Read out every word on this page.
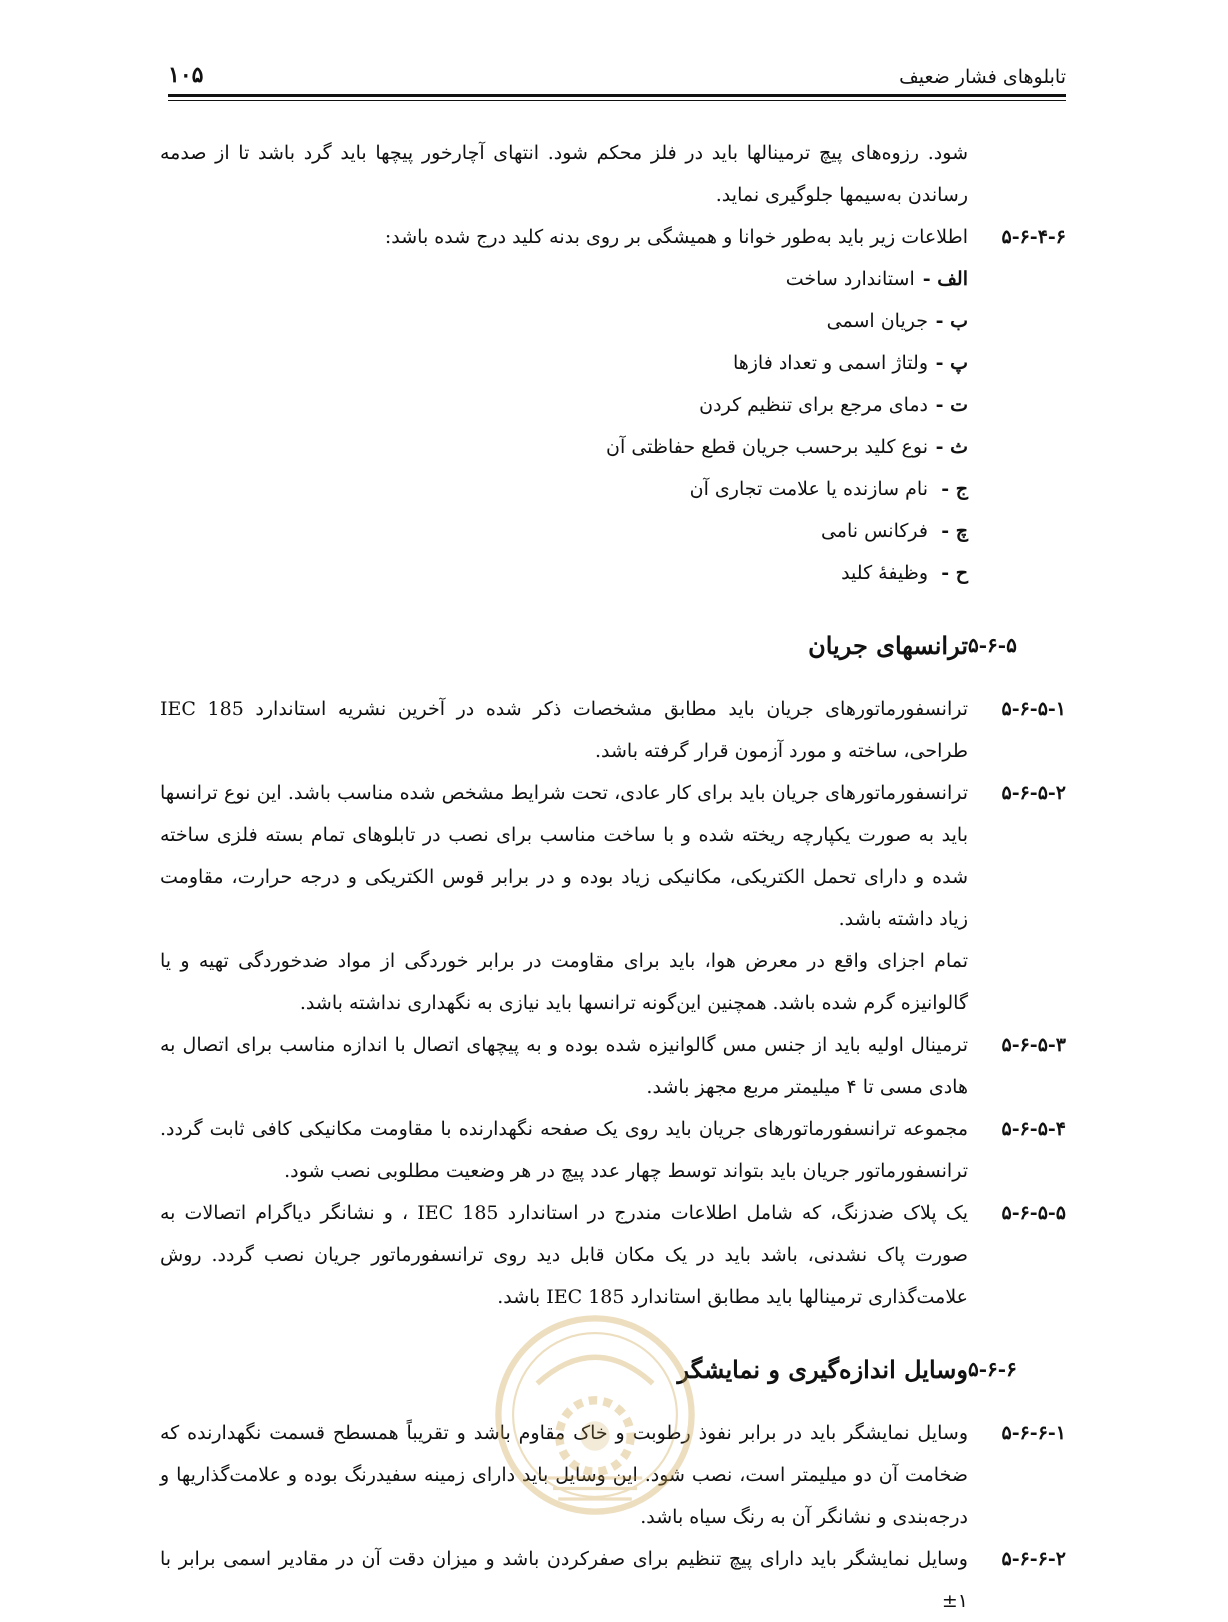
تابلوهای فشار ضعیف
۱۰۵

شود. رزوه‌های پیچ ترمینالها باید در فلز محکم شود. انتهای آچارخور پیچها باید گرد باشد تا از صدمه رساندن به‌سیمها جلوگیری نماید.

۵-۶-۴-۶

اطلاعات زیر باید به‌طور خوانا و همیشگی بر روی بدنه کلید درج شده باشد:

الف -
استاندارد ساخت
ب -
جریان اسمی
پ -
ولتاژ اسمی و تعداد فازها
ت -
دمای مرجع برای تنظیم کردن
ث -
نوع کلید برحسب جریان قطع حفاظتی آن
ج -
نام سازنده یا علامت تجاری آن
چ -
فرکانس نامی
ح -
وظیفهٔ کلید
۵-۶-۵
ترانسهای جریان
۵-۶-۵-۱

ترانسفورماتورهای جریان باید مطابق مشخصات ذکر شده در آخرین نشریه استاندارد IEC 185 طراحی، ساخته و مورد آزمون قرار گرفته باشد.

۵-۶-۵-۲

ترانسفورماتورهای جریان باید برای کار عادی، تحت شرایط مشخص شده مناسب باشد. این نوع ترانسها باید به صورت یکپارچه ریخته شده و با ساخت مناسب برای نصب در تابلوهای تمام بسته فلزی ساخته شده و دارای تحمل الکتریکی، مکانیکی زیاد بوده و در برابر قوس الکتریکی و درجه حرارت، مقاومت زیاد داشته باشد.

تمام اجزای واقع در معرض هوا، باید برای مقاومت در برابر خوردگی از مواد ضدخوردگی تهیه و یا گالوانیزه گرم شده باشد. همچنین این‌گونه ترانسها باید نیازی به نگهداری نداشته باشد.

۵-۶-۵-۳

ترمینال اولیه باید از جنس مس گالوانیزه شده بوده و به پیچهای اتصال با اندازه مناسب برای اتصال به هادی مسی تا ۴ میلیمتر مربع مجهز باشد.

۵-۶-۵-۴

مجموعه ترانسفورماتورهای جریان باید روی یک صفحه نگهدارنده با مقاومت مکانیکی کافی ثابت گردد. ترانسفورماتور جریان باید بتواند توسط چهار عدد پیچ در هر وضعیت مطلوبی نصب شود.

۵-۶-۵-۵

یک پلاک ضدزنگ، که شامل اطلاعات مندرج در استاندارد IEC 185 ، و نشانگر دیاگرام اتصالات به صورت پاک نشدنی، باشد باید در یک مکان قابل دید روی ترانسفورماتور جریان نصب گردد. روش علامت‌گذاری ترمینالها باید مطابق استاندارد IEC 185 باشد.

۵-۶-۶
وسایل اندازه‌گیری و نمایشگر
۵-۶-۶-۱

وسایل نمایشگر باید در برابر نفوذ رطوبت و خاک مقاوم باشد و تقریباً همسطح قسمت نگهدارنده که ضخامت آن دو میلیمتر است، نصب شود. این وسایل باید دارای زمینه سفیدرنگ بوده و علامت‌گذاریها و درجه‌بندی و نشانگر آن به رنگ سیاه باشد.

۵-۶-۶-۲

وسایل نمایشگر باید دارای پیچ تنظیم برای صفرکردن باشد و میزان دقت آن در مقادیر اسمی برابر با ۱±
